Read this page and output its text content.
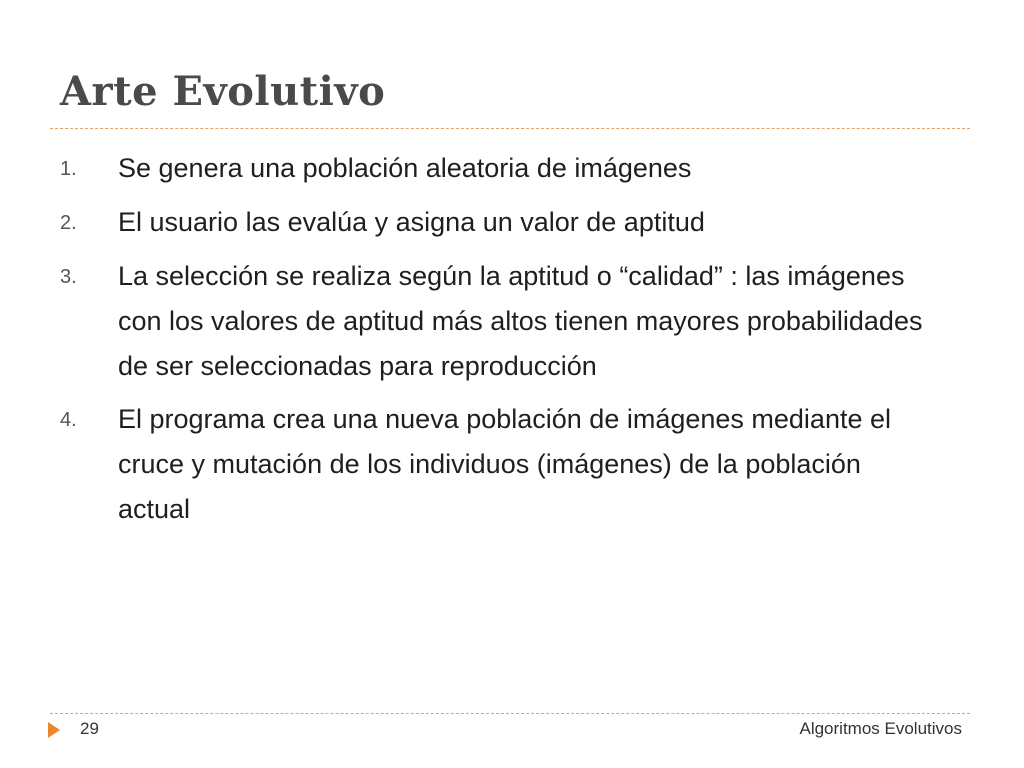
Arte Evolutivo
1.	Se genera una población aleatoria de imágenes
2.	El usuario las evalúa y asigna un valor de aptitud
3.	La selección se realiza según la aptitud o “calidad” : las imágenes con los valores de aptitud más altos tienen mayores probabilidades de ser seleccionadas para reproducción
4.	El programa crea una nueva población de imágenes mediante el cruce y mutación de los individuos (imágenes) de la población actual
29	Algoritmos Evolutivos
